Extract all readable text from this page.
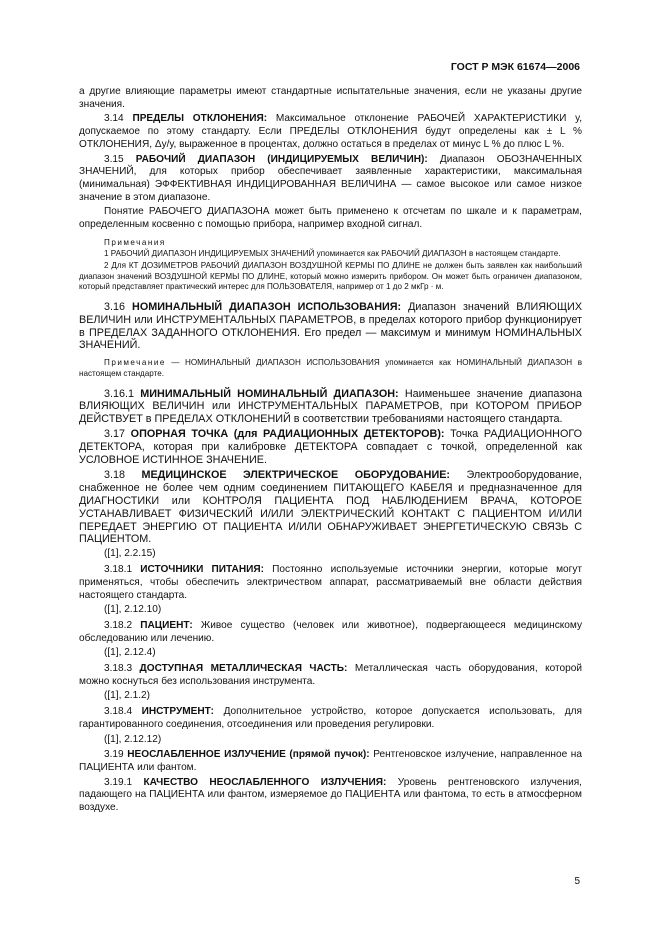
ГОСТ Р МЭК 61674—2006

а другие влияющие параметры имеют стандартные испытательные значения, если не указаны другие значения.

3.14 ПРЕДЕЛЫ ОТКЛОНЕНИЯ: Максимальное отклонение РАБОЧЕЙ ХАРАКТЕРИСТИКИ у, допускаемое по этому стандарту. Если ПРЕДЕЛЫ ОТКЛОНЕНИЯ будут определены как ± L % ОТКЛОНЕНИЯ, Δу/у, выраженное в процентах, должно остаться в пределах от минус L % до плюс L %.

3.15 РАБОЧИЙ ДИАПАЗОН (ИНДИЦИРУЕМЫХ ВЕЛИЧИН): Диапазон ОБОЗНАЧЕННЫХ ЗНАЧЕНИЙ, для которых прибор обеспечивает заявленные характеристики, максимальная (минимальная) ЭФФЕКТИВНАЯ ИНДИЦИРОВАННАЯ ВЕЛИЧИНА — самое высокое или самое низкое значение в этом диапазоне.

Понятие РАБОЧЕГО ДИАПАЗОНА может быть применено к отсчетам по шкале и к параметрам, определенным косвенно с помощью прибора, например входной сигнал.

Примечания

1 РАБОЧИЙ ДИАПАЗОН ИНДИЦИРУЕМЫХ ЗНАЧЕНИЙ упоминается как РАБОЧИЙ ДИАПАЗОН в настоящем стандарте.

2 Для КТ ДОЗИМЕТРОВ РАБОЧИЙ ДИАПАЗОН ВОЗДУШНОЙ КЕРМЫ ПО ДЛИНЕ не должен быть заявлен как наибольший диапазон значений ВОЗДУШНОЙ КЕРМЫ ПО ДЛИНЕ, который можно измерить прибором. Он может быть ограничен диапазоном, который представляет практический интерес для ПОЛЬЗОВАТЕЛЯ, например от 1 до 2 мкГр · м.

3.16 НОМИНАЛЬНЫЙ ДИАПАЗОН ИСПОЛЬЗОВАНИЯ: Диапазон значений ВЛИЯЮЩИХ ВЕЛИЧИН или ИНСТРУМЕНТАЛЬНЫХ ПАРАМЕТРОВ, в пределах которого прибор функционирует в ПРЕДЕЛАХ ЗАДАННОГО ОТКЛОНЕНИЯ. Его предел — максимум и минимум НОМИНАЛЬНЫХ ЗНАЧЕНИЙ.

Примечание — НОМИНАЛЬНЫЙ ДИАПАЗОН ИСПОЛЬЗОВАНИЯ упоминается как НОМИНАЛЬНЫЙ ДИАПАЗОН в настоящем стандарте.

3.16.1 МИНИМАЛЬНЫЙ НОМИНАЛЬНЫЙ ДИАПАЗОН: Наименьшее значение диапазона ВЛИЯЮЩИХ ВЕЛИЧИН или ИНСТРУМЕНТАЛЬНЫХ ПАРАМЕТРОВ, при КОТОРОМ ПРИБОР ДЕЙСТВУЕТ в ПРЕДЕЛАХ ОТКЛОНЕНИЙ в соответствии требованиями настоящего стандарта.

3.17 ОПОРНАЯ ТОЧКА (для РАДИАЦИОННЫХ ДЕТЕКТОРОВ): Точка РАДИАЦИОННОГО ДЕТЕКТОРА, которая при калибровке ДЕТЕКТОРА совпадает с точкой, определенной как УСЛОВНОЕ ИСТИННОЕ ЗНАЧЕНИЕ.

3.18 МЕДИЦИНСКОЕ ЭЛЕКТРИЧЕСКОЕ ОБОРУДОВАНИЕ: Электрооборудование, снабженное не более чем одним соединением ПИТАЮЩЕГО КАБЕЛЯ и предназначенное для ДИАГНОСТИКИ или КОНТРОЛЯ ПАЦИЕНТА ПОД НАБЛЮДЕНИЕМ ВРАЧА, КОТОРОЕ УСТАНАВЛИВАЕТ ФИЗИЧЕСКИЙ И/ИЛИ ЭЛЕКТРИЧЕСКИЙ КОНТАКТ С ПАЦИЕНТОМ И/ИЛИ ПЕРЕДАЕТ ЭНЕРГИЮ ОТ ПАЦИЕНТА И/ИЛИ ОБНАРУЖИВАЕТ ЭНЕРГЕТИЧЕСКУЮ СВЯЗЬ С ПАЦИЕНТОМ.

([1], 2.2.15)

3.18.1 ИСТОЧНИКИ ПИТАНИЯ: Постоянно используемые источники энергии, которые могут применяться, чтобы обеспечить электричеством аппарат, рассматриваемый вне области действия настоящего стандарта.

([1], 2.12.10)

3.18.2 ПАЦИЕНТ: Живое существо (человек или животное), подвергающееся медицинскому обследованию или лечению.

([1], 2.12.4)

3.18.3 ДОСТУПНАЯ МЕТАЛЛИЧЕСКАЯ ЧАСТЬ: Металлическая часть оборудования, которой можно коснуться без использования инструмента.

([1], 2.1.2)

3.18.4 ИНСТРУМЕНТ: Дополнительное устройство, которое допускается использовать, для гарантированного соединения, отсоединения или проведения регулировки.

([1], 2.12.12)

3.19 НЕОСЛАБЛЕННОЕ ИЗЛУЧЕНИЕ (прямой пучок): Рентгеновское излучение, направленное на ПАЦИЕНТА или фантом.

3.19.1 КАЧЕСТВО НЕОСЛАБЛЕННОГО ИЗЛУЧЕНИЯ: Уровень рентгеновского излучения, падающего на ПАЦИЕНТА или фантом, измеряемое до ПАЦИЕНТА или фантома, то есть в атмосферном воздухе.

5
